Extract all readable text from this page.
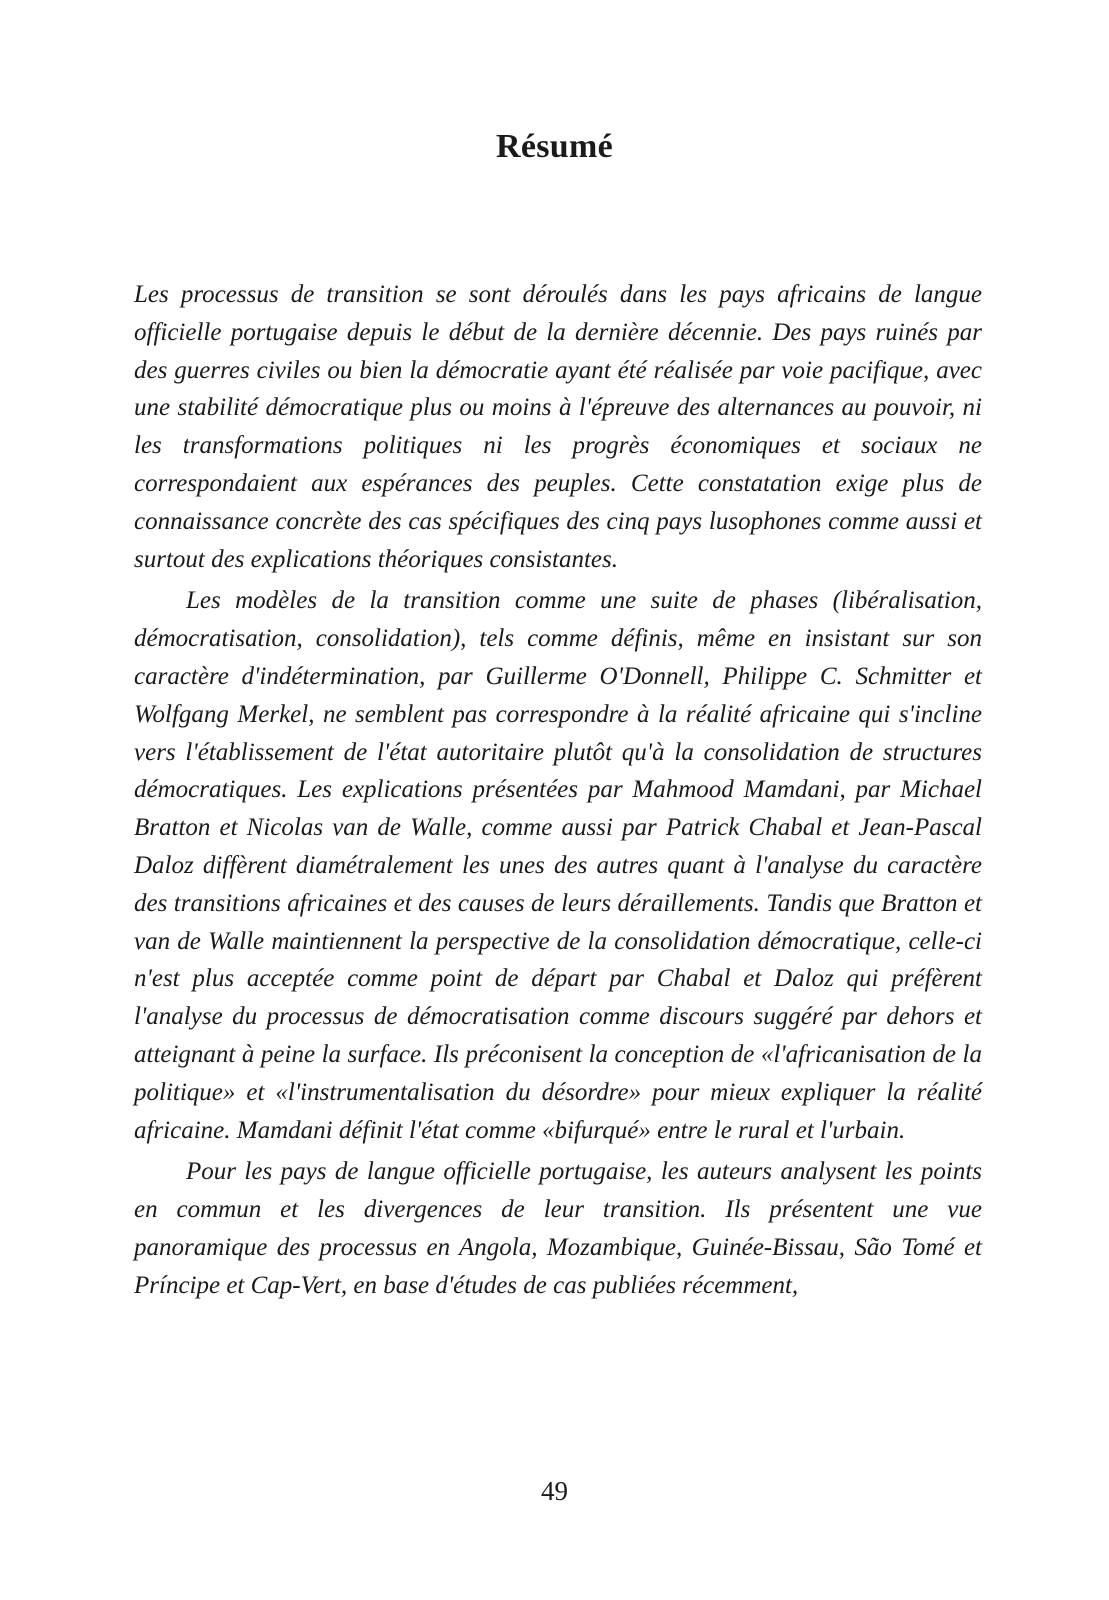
Résumé

Les processus de transition se sont déroulés dans les pays africains de langue officielle portugaise depuis le début de la dernière décennie. Des pays ruinés par des guerres civiles ou bien la démocratie ayant été réalisée par voie pacifique, avec une stabilité démocratique plus ou moins à l'épreuve des alternances au pouvoir, ni les transformations politiques ni les progrès économiques et sociaux ne correspondaient aux espérances des peuples. Cette constatation exige plus de connaissance concrète des cas spécifiques des cinq pays lusophones comme aussi et surtout des explications théoriques consistantes.

Les modèles de la transition comme une suite de phases (libéralisation, démocratisation, consolidation), tels comme définis, même en insistant sur son caractère d'indétermination, par Guillerme O'Donnell, Philippe C. Schmitter et Wolfgang Merkel, ne semblent pas correspondre à la réalité africaine qui s'incline vers l'établissement de l'état autoritaire plutôt qu'à la consolidation de structures démocratiques. Les explications présentées par Mahmood Mamdani, par Michael Bratton et Nicolas van de Walle, comme aussi par Patrick Chabal et Jean-Pascal Daloz diffèrent diamétralement les unes des autres quant à l'analyse du caractère des transitions africaines et des causes de leurs déraillements. Tandis que Bratton et van de Walle maintiennent la perspective de la consolidation démocratique, celle-ci n'est plus acceptée comme point de départ par Chabal et Daloz qui préfèrent l'analyse du processus de démocratisation comme discours suggéré par dehors et atteignant à peine la surface. Ils préconisent la conception de «l'africanisation de la politique» et «l'instrumentalisation du désordre» pour mieux expliquer la réalité africaine. Mamdani définit l'état comme «bifurqué» entre le rural et l'urbain.

Pour les pays de langue officielle portugaise, les auteurs analysent les points en commun et les divergences de leur transition. Ils présentent une vue panoramique des processus en Angola, Mozambique, Guinée-Bissau, São Tomé et Príncipe et Cap-Vert, en base d'études de cas publiées récemment,

49
